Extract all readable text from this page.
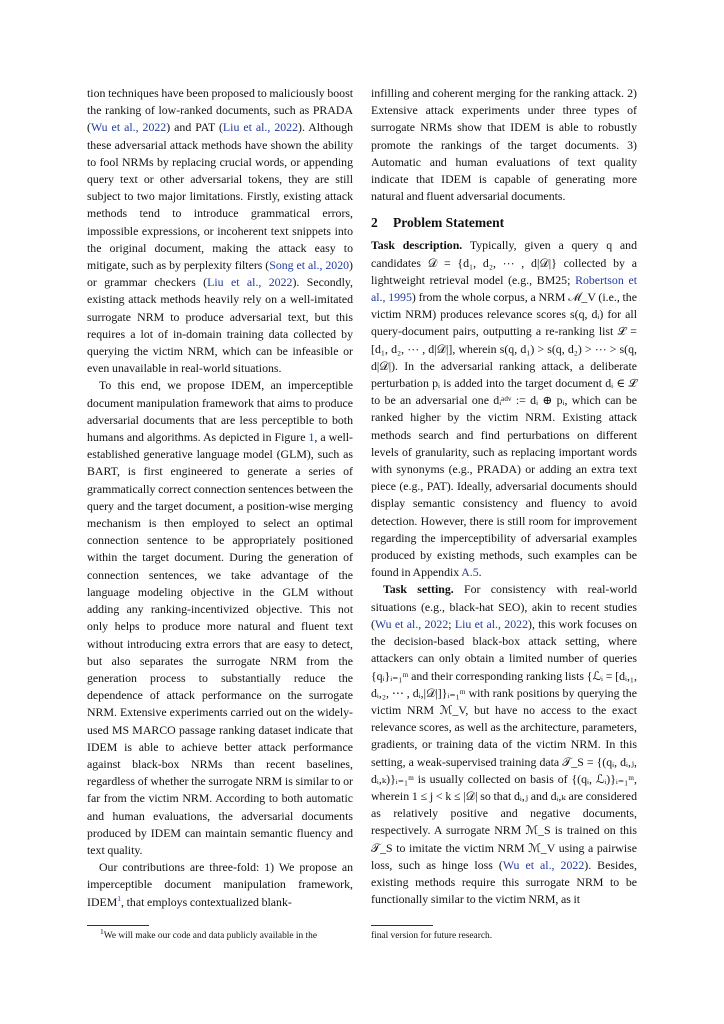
tion techniques have been proposed to maliciously boost the ranking of low-ranked documents, such as PRADA (Wu et al., 2022) and PAT (Liu et al., 2022). Although these adversarial attack methods have shown the ability to fool NRMs by replacing crucial words, or appending query text or other adversarial tokens, they are still subject to two major limitations. Firstly, existing attack methods tend to introduce grammatical errors, impossible expressions, or incoherent text snippets into the original document, making the attack easy to mitigate, such as by perplexity filters (Song et al., 2020) or grammar checkers (Liu et al., 2022). Secondly, existing attack methods heavily rely on a well-imitated surrogate NRM to produce adversarial text, but this requires a lot of in-domain training data collected by querying the victim NRM, which can be infeasible or even unavailable in real-world situations.

To this end, we propose IDEM, an imperceptible document manipulation framework that aims to produce adversarial documents that are less perceptible to both humans and algorithms. As depicted in Figure 1, a well-established generative language model (GLM), such as BART, is first engineered to generate a series of grammatically correct connection sentences between the query and the target document, a position-wise merging mechanism is then employed to select an optimal connection sentence to be appropriately positioned within the target document. During the generation of connection sentences, we take advantage of the language modeling objective in the GLM without adding any ranking-incentivized objective. This not only helps to produce more natural and fluent text without introducing extra errors that are easy to detect, but also separates the surrogate NRM from the generation process to substantially reduce the dependence of attack performance on the surrogate NRM. Extensive experiments carried out on the widely-used MS MARCO passage ranking dataset indicate that IDEM is able to achieve better attack performance against black-box NRMs than recent baselines, regardless of whether the surrogate NRM is similar to or far from the victim NRM. According to both automatic and human evaluations, the adversarial documents produced by IDEM can maintain semantic fluency and text quality.

Our contributions are three-fold: 1) We propose an imperceptible document manipulation framework, IDEM$^1$, that employs contextualized blank-

$^1$We will make our code and data publicly available in the

infilling and coherent merging for the ranking attack. 2) Extensive attack experiments under three types of surrogate NRMs show that IDEM is able to robustly promote the rankings of the target documents. 3) Automatic and human evaluations of text quality indicate that IDEM is capable of generating more natural and fluent adversarial documents.

2 Problem Statement

Task description. Typically, given a query q and candidates 𝒟 = {d₁, d₂, ⋯ , d|𝒟|} collected by a lightweight retrieval model (e.g., BM25; Robertson et al., 1995) from the whole corpus, a NRM ℳ_V (i.e., the victim NRM) produces relevance scores s(q, dᵢ) for all query-document pairs, outputting a re-ranking list ℒ = [d₁, d₂, ⋯ , d|𝒟|], wherein s(q, d₁) > s(q, d₂) > ⋯ > s(q, d|𝒟|). In the adversarial ranking attack, a deliberate perturbation pᵢ is added into the target document dᵢ ∈ ℒ to be an adversarial one dᵢᵃᵈᵛ := dᵢ ⊕ pᵢ, which can be ranked higher by the victim NRM. Existing attack methods search and find perturbations on different levels of granularity, such as replacing important words with synonyms (e.g., PRADA) or adding an extra text piece (e.g., PAT). Ideally, adversarial documents should display semantic consistency and fluency to avoid detection. However, there is still room for improvement regarding the imperceptibility of adversarial examples produced by existing methods, such examples can be found in Appendix A.5.

Task setting. For consistency with real-world situations (e.g., black-hat SEO), akin to recent studies (Wu et al., 2022; Liu et al., 2022), this work focuses on the decision-based black-box attack setting, where attackers can only obtain a limited number of queries {qᵢ}ᵢ₌₁ᵐ and their corresponding ranking lists {ℒᵢ = [dᵢ,₁, dᵢ,₂, ⋯ , dᵢ,|𝒟|]}ᵢ₌₁ᵐ with rank positions by querying the victim NRM ℳ_V, but have no access to the exact relevance scores, as well as the architecture, parameters, gradients, or training data of the victim NRM. In this setting, a weak-supervised training data 𝒯_S = {(qᵢ, dᵢ,ⱼ, dᵢ,ₖ)}ᵢ₌₁ᵐ is usually collected on basis of {(qᵢ, ℒᵢ)}ᵢ₌₁ᵐ, wherein 1 ≤ j < k ≤ |𝒟| so that dᵢ,ⱼ and dᵢ,ₖ are considered as relatively positive and negative documents, respectively. A surrogate NRM ℳ_S is trained on this 𝒯_S to imitate the victim NRM ℳ_V using a pairwise loss, such as hinge loss (Wu et al., 2022). Besides, existing methods require this surrogate NRM to be functionally similar to the victim NRM, as it

final version for future research.
